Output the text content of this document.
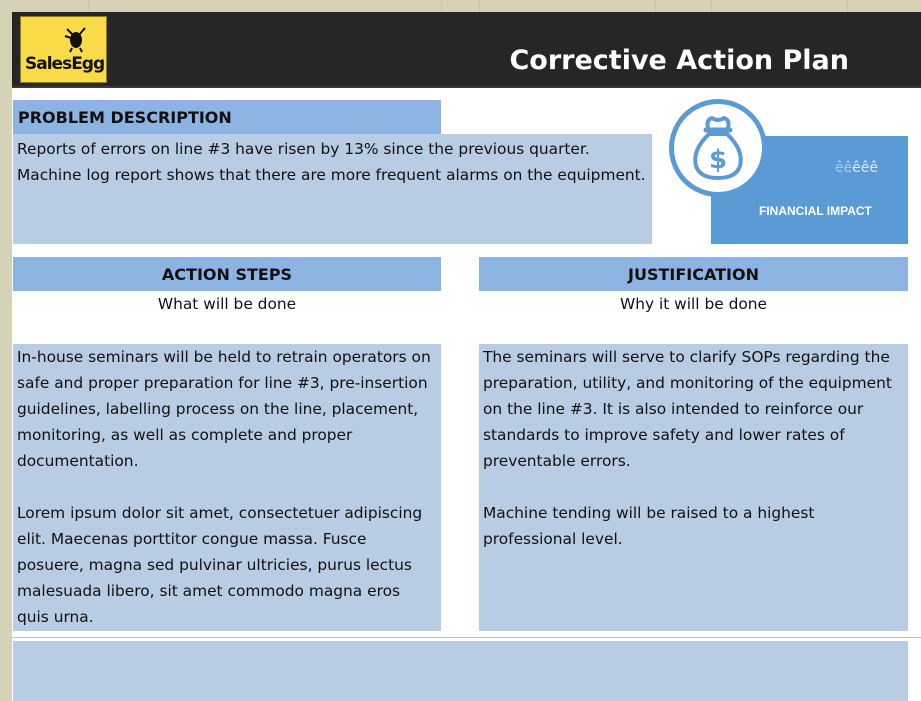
Corrective Action Plan
SalesEgg
PROBLEM DESCRIPTION
Reports of errors on line #3 have risen by 13% since the previous quarter.
Machine log report shows that there are more frequent alarms on the equipment.	êêêêê
FINANCIAL IMPACT
$
ACTION STEPS
What will be done
In-house seminars will be held to retrain operators on safe and proper preparation for line #3, pre-insertion guidelines, labelling process on the line, placement, monitoring, as well as complete and proper documentation.
Lorem ipsum dolor sit amet, consectetuer adipiscing elit. Maecenas porttitor congue massa. Fusce posuere, magna sed pulvinar ultricies, purus lectus malesuada libero, sit amet commodo magna eros quis urna.
JUSTIFICATION
Why it will be done
The seminars will serve to clarify SOPs regarding the preparation, utility, and monitoring of the equipment on the line #3. It is also intended to reinforce our standards to improve safety and lower rates of preventable errors.
Machine tending will be raised to a highest professional level.
